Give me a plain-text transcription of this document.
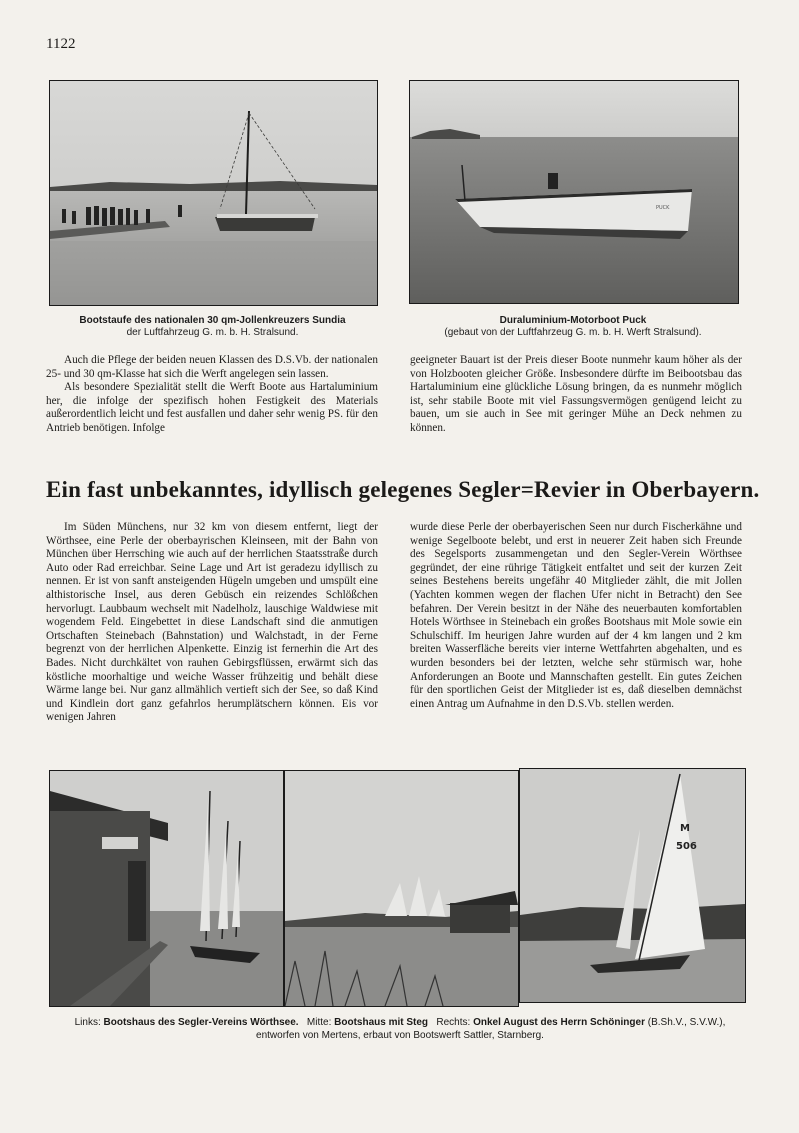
1122
PUCK
Bootstaufe des nationalen 30 qm-Jollenkreuzers Sundia
der Luftfahrzeug G. m. b. H. Stralsund.
Duraluminium-Motorboot Puck
(gebaut von der Luftfahrzeug G. m. b. H. Werft Stralsund).

Auch die Pflege der beiden neuen Klassen des D.S.Vb. der nationalen 25- und 30 qm-Klasse hat sich die Werft angelegen sein lassen.

Als besondere Spezialität stellt die Werft Boote aus Hartaluminium her, die infolge der spezifisch hohen Festigkeit des Materials außerordentlich leicht und fest ausfallen und daher sehr wenig PS. für den Antrieb benötigen. Infolge

geeigneter Bauart ist der Preis dieser Boote nunmehr kaum höher als der von Holzbooten gleicher Größe. Insbesondere dürfte im Beibootsbau das Hartaluminium eine glückliche Lösung bringen, da es nunmehr möglich ist, sehr stabile Boote mit viel Fassungsvermögen genügend leicht zu bauen, um sie auch in See mit geringer Mühe an Deck nehmen zu können.

Ein fast unbekanntes, idyllisch gelegenes Segler=Revier in Oberbayern.

Im Süden Münchens, nur 32 km von diesem entfernt, liegt der Wörthsee, eine Perle der oberbayrischen Kleinseen, mit der Bahn von München über Herrsching wie auch auf der herrlichen Staatsstraße durch Auto oder Rad erreichbar. Seine Lage und Art ist geradezu idyllisch zu nennen. Er ist von sanft ansteigenden Hügeln umgeben und umspült eine althistorische Insel, aus deren Gebüsch ein reizendes Schlößchen hervorlugt. Laubbaum wechselt mit Nadelholz, lauschige Waldwiese mit wogendem Feld. Eingebettet in diese Landschaft sind die anmutigen Ortschaften Steinebach (Bahnstation) und Walchstadt, in der Ferne begrenzt von der herrlichen Alpenkette. Einzig ist fernerhin die Art des Bades. Nicht durchkältet von rauhen Gebirgsflüssen, erwärmt sich das köstliche moorhaltige und weiche Wasser frühzeitig und behält diese Wärme lange bei. Nur ganz allmählich vertieft sich der See, so daß Kind und Kindlein dort ganz gefahrlos herumplätschern können. Eis vor wenigen Jahren

wurde diese Perle der oberbayerischen Seen nur durch Fischerkähne und wenige Segelboote belebt, und erst in neuerer Zeit haben sich Freunde des Segelsports zusammengetan und den Segler-Verein Wörthsee gegründet, der eine rührige Tätigkeit entfaltet und seit der kurzen Zeit seines Bestehens bereits ungefähr 40 Mitglieder zählt, die mit Jollen (Yachten kommen wegen der flachen Ufer nicht in Betracht) den See befahren. Der Verein besitzt in der Nähe des neuerbauten komfortablen Hotels Wörthsee in Steinebach ein großes Bootshaus mit Mole sowie ein Schulschiff. Im heurigen Jahre wurden auf der 4 km langen und 2 km breiten Wasserfläche bereits vier interne Wettfahrten abgehalten, und es wurden besonders bei der letzten, welche sehr stürmisch war, hohe Anforderungen an Boote und Mannschaften gestellt. Ein gutes Zeichen für den sportlichen Geist der Mitglieder ist es, daß dieselben demnächst einen Antrag um Aufnahme in den D.S.Vb. stellen werden.

M
506
Links: Bootshaus des Segler-Vereins Wörthsee. Mitte: Bootshaus mit Steg Rechts: Onkel August des Herrn Schöninger (B.Sh.V., S.V.W.),
entworfen von Mertens, erbaut von Bootswerft Sattler, Starnberg.
